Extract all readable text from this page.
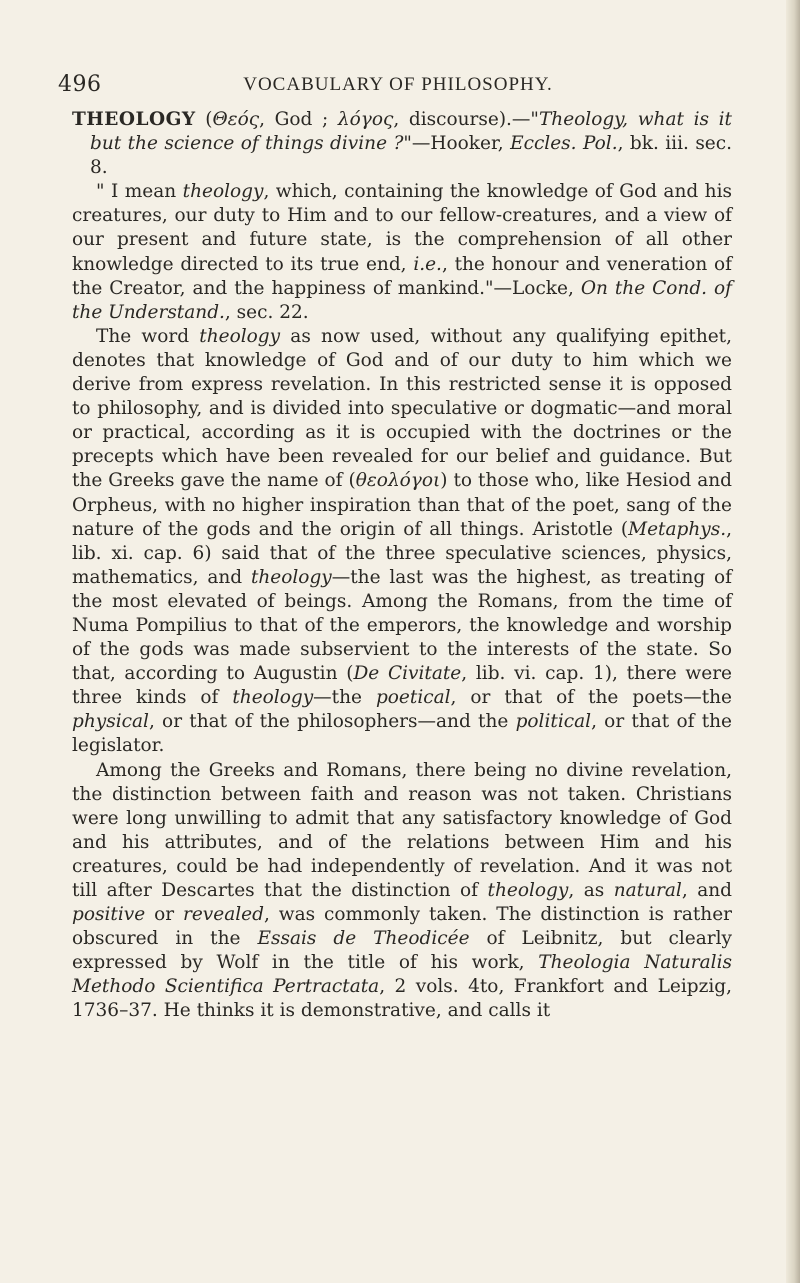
496	VOCABULARY OF PHILOSOPHY.

THEOLOGY (Θεός, God ; λόγος, discourse).—"Theology, what is it but the science of things divine ?"—Hooker, Eccles. Pol., bk. iii. sec. 8.

" I mean theology, which, containing the knowledge of God and his creatures, our duty to Him and to our fellow-creatures, and a view of our present and future state, is the comprehension of all other knowledge directed to its true end, i.e., the honour and veneration of the Creator, and the happiness of mankind."—Locke, On the Cond. of the Understand., sec. 22.

The word theology as now used, without any qualifying epithet, denotes that knowledge of God and of our duty to him which we derive from express revelation. In this restricted sense it is opposed to philosophy, and is divided into speculative or dogmatic—and moral or practical, according as it is occupied with the doctrines or the precepts which have been revealed for our belief and guidance. But the Greeks gave the name of (θεολόγοι) to those who, like Hesiod and Orpheus, with no higher inspiration than that of the poet, sang of the nature of the gods and the origin of all things. Aristotle (Metaphys., lib. xi. cap. 6) said that of the three speculative sciences, physics, mathematics, and theology—the last was the highest, as treating of the most elevated of beings. Among the Romans, from the time of Numa Pompilius to that of the emperors, the knowledge and worship of the gods was made subservient to the interests of the state. So that, according to Augustin (De Civitate, lib. vi. cap. 1), there were three kinds of theology—the poetical, or that of the poets—the physical, or that of the philosophers—and the political, or that of the legislator.

Among the Greeks and Romans, there being no divine revelation, the distinction between faith and reason was not taken. Christians were long unwilling to admit that any satisfactory knowledge of God and his attributes, and of the relations between Him and his creatures, could be had independently of revelation. And it was not till after Descartes that the distinction of theology, as natural, and positive or revealed, was commonly taken. The distinction is rather obscured in the Essais de Theodicée of Leibnitz, but clearly expressed by Wolf in the title of his work, Theologia Naturalis Methodo Scientifica Pertractata, 2 vols. 4to, Frankfort and Leipzig, 1736–37. He thinks it is demonstrative, and calls it
